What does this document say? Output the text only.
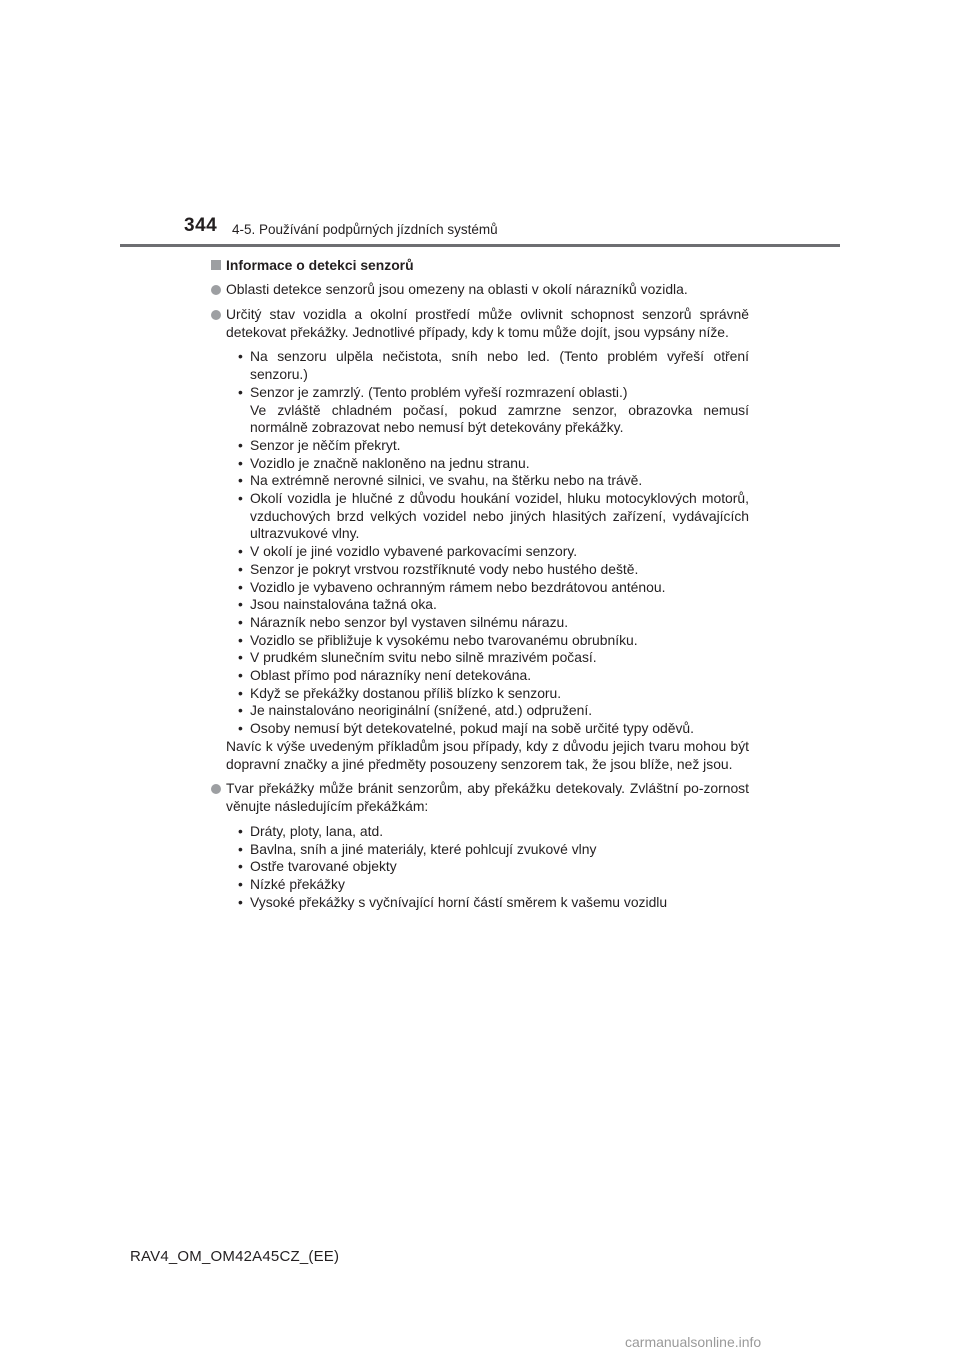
344 4-5. Používání podpůrných jízdních systémů
Informace o detekci senzorů
Oblasti detekce senzorů jsou omezeny na oblasti v okolí nárazníků vozidla.
Určitý stav vozidla a okolní prostředí může ovlivnit schopnost senzorů správně detekovat překážky. Jednotlivé případy, kdy k tomu může dojít, jsou vypsány níže.
• Na senzoru ulpěla nečistota, sníh nebo led. (Tento problém vyřeší otření senzoru.)
• Senzor je zamrzlý. (Tento problém vyřeší rozmrazení oblasti.)
Ve zvláště chladném počasí, pokud zamrzne senzor, obrazovka nemusí normálně zobrazovat nebo nemusí být detekovány překážky.
• Senzor je něčím překryt.
• Vozidlo je značně nakloněno na jednu stranu.
• Na extrémně nerovné silnici, ve svahu, na štěrku nebo na trávě.
• Okolí vozidla je hlučné z důvodu houkání vozidel, hluku motocyklových motorů, vzduchových brzd velkých vozidel nebo jiných hlasitých zařízení, vydávajících ultrazvukové vlny.
• V okolí je jiné vozidlo vybavené parkovacími senzory.
• Senzor je pokryt vrstvou rozstříknuté vody nebo hustého deště.
• Vozidlo je vybaveno ochranným rámem nebo bezdrátovou anténou.
• Jsou nainstalována tažná oka.
• Nárazník nebo senzor byl vystaven silnému nárazu.
• Vozidlo se přibližuje k vysokému nebo tvarovanému obrubníku.
• V prudkém slunečním svitu nebo silně mrazivém počasí.
• Oblast přímo pod nárazníky není detekována.
• Když se překážky dostanou příliš blízko k senzoru.
• Je nainstalováno neoriginální (snížené, atd.) odpružení.
• Osoby nemusí být detekovatelné, pokud mají na sobě určité typy oděvů.
Navíc k výše uvedeným příkladům jsou případy, kdy z důvodu jejich tvaru mohou být dopravní značky a jiné předměty posouzeny senzorem tak, že jsou blíže, než jsou.
Tvar překážky může bránit senzorům, aby překážku detekovaly. Zvláštní po-zornost věnujte následujícím překážkám:
• Dráty, ploty, lana, atd.
• Bavlna, sníh a jiné materiály, které pohlcují zvukové vlny
• Ostře tvarované objekty
• Nízké překážky
• Vysoké překážky s vyčnívající horní částí směrem k vašemu vozidlu
RAV4_OM_OM42A45CZ_(EE)
carmanualsonline.info
